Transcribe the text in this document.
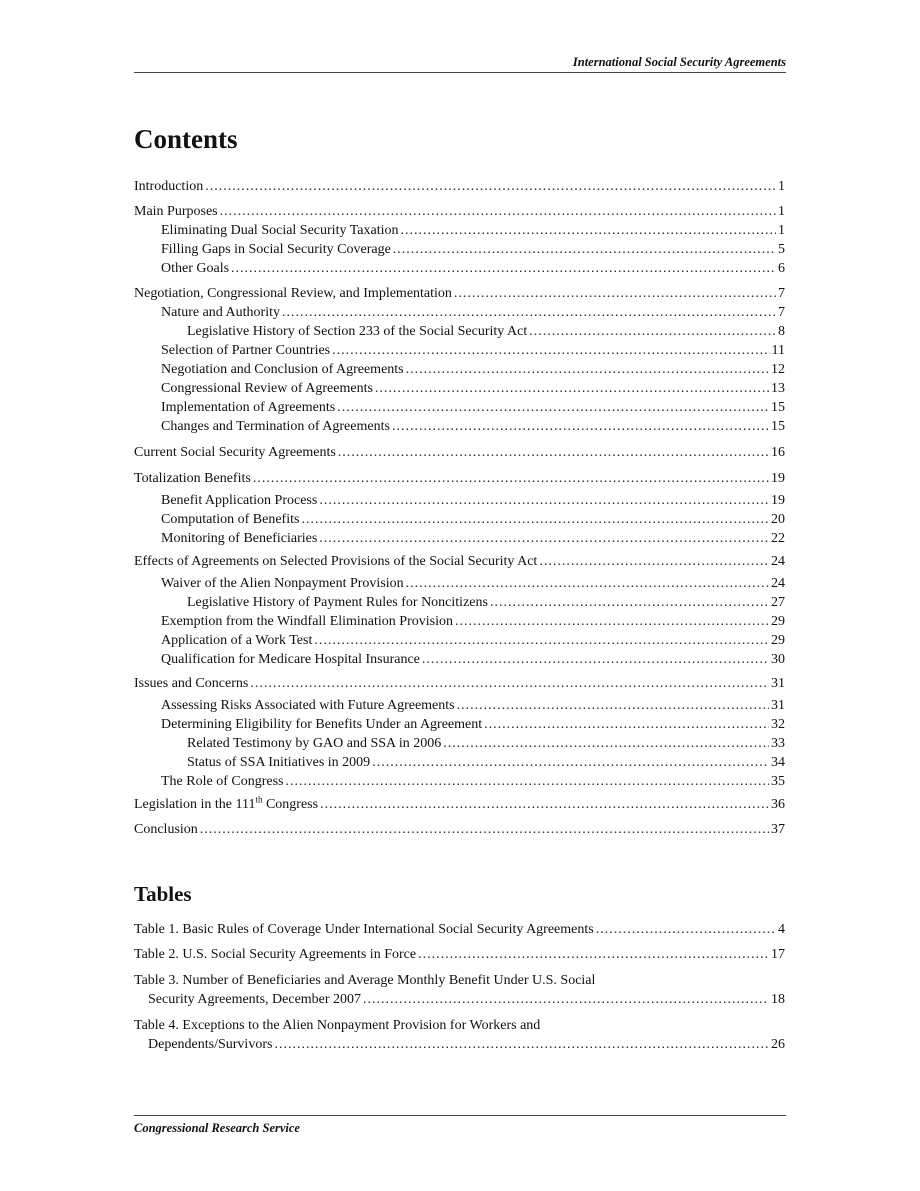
International Social Security Agreements
Contents
Introduction .....	1
Main Purposes .....	1
Eliminating Dual Social Security Taxation .....	1
Filling Gaps in Social Security Coverage .....	5
Other Goals .....	6
Negotiation, Congressional Review, and Implementation .....	7
Nature and Authority .....	7
Legislative History of Section 233 of the Social Security Act .....	8
Selection of Partner Countries .....	11
Negotiation and Conclusion of Agreements .....	12
Congressional Review of Agreements .....	13
Implementation of Agreements .....	15
Changes and Termination of Agreements .....	15
Current Social Security Agreements .....	16
Totalization Benefits .....	19
Benefit Application Process .....	19
Computation of Benefits .....	20
Monitoring of Beneficiaries .....	22
Effects of Agreements on Selected Provisions of the Social Security Act .....	24
Waiver of the Alien Nonpayment Provision .....	24
Legislative History of Payment Rules for Noncitizens .....	27
Exemption from the Windfall Elimination Provision .....	29
Application of a Work Test .....	29
Qualification for Medicare Hospital Insurance .....	30
Issues and Concerns .....	31
Assessing Risks Associated with Future Agreements .....	31
Determining Eligibility for Benefits Under an Agreement .....	32
Related Testimony by GAO and SSA in 2006 .....	33
Status of SSA Initiatives in 2009 .....	34
The Role of Congress .....	35
Legislation in the 111th Congress .....	36
Conclusion .....	37
Tables
Table 1. Basic Rules of Coverage Under International Social Security Agreements .....	4
Table 2. U.S. Social Security Agreements in Force .....	17
Table 3. Number of Beneficiaries and Average Monthly Benefit Under U.S. Social
Security Agreements, December 2007 .....	18
Table 4. Exceptions to the Alien Nonpayment Provision for Workers and
Dependents/Survivors .....	26
Congressional Research Service
